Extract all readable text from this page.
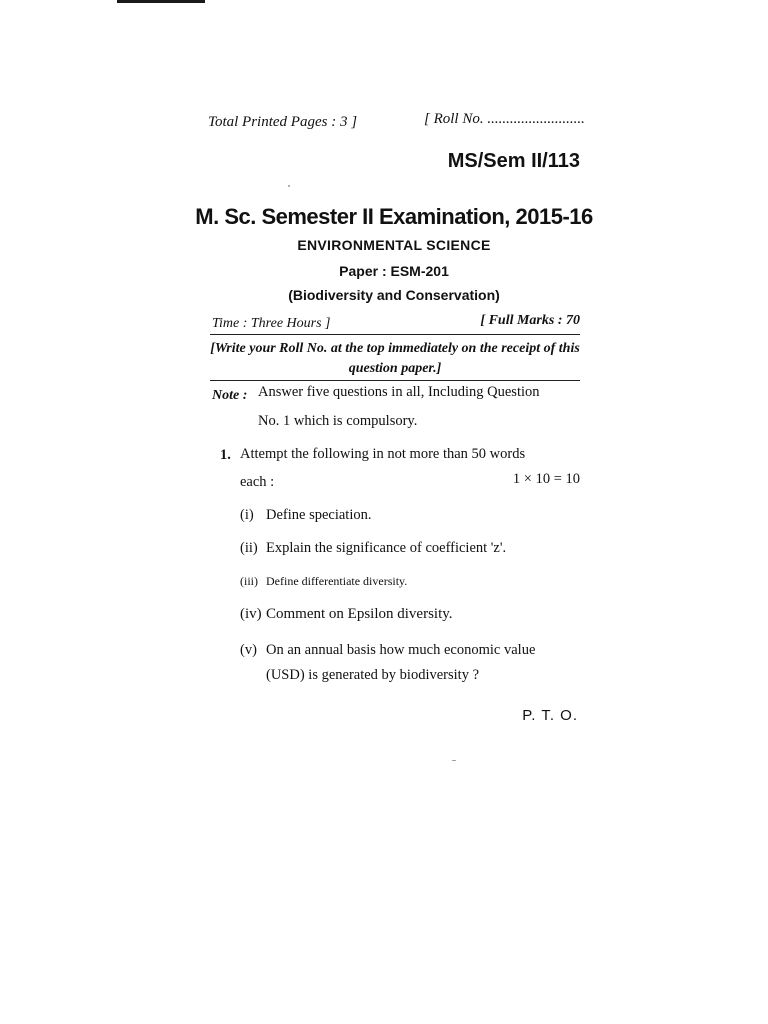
Total Printed Pages : 3 ]	[ Roll No. ..........................
MS/Sem II/113
M. Sc. Semester II Examination, 2015-16
ENVIRONMENTAL SCIENCE
Paper : ESM-201
(Biodiversity and Conservation)
Time : Three Hours ]	[ Full Marks : 70
[Write your Roll No. at the top immediately on the receipt of this question paper.]
Note : Answer five questions in all, Including Question
No. 1 which is compulsory.
1. Attempt the following in not more than 50 words
each :	1 × 10 = 10
(i) Define speciation.
(ii) Explain the significance of coefficient 'z'.
(iii) Define differentiate diversity.
(iv) Comment on Epsilon diversity.
(v) On an annual basis how much economic value
(USD) is generated by biodiversity ?
P. T. O.
